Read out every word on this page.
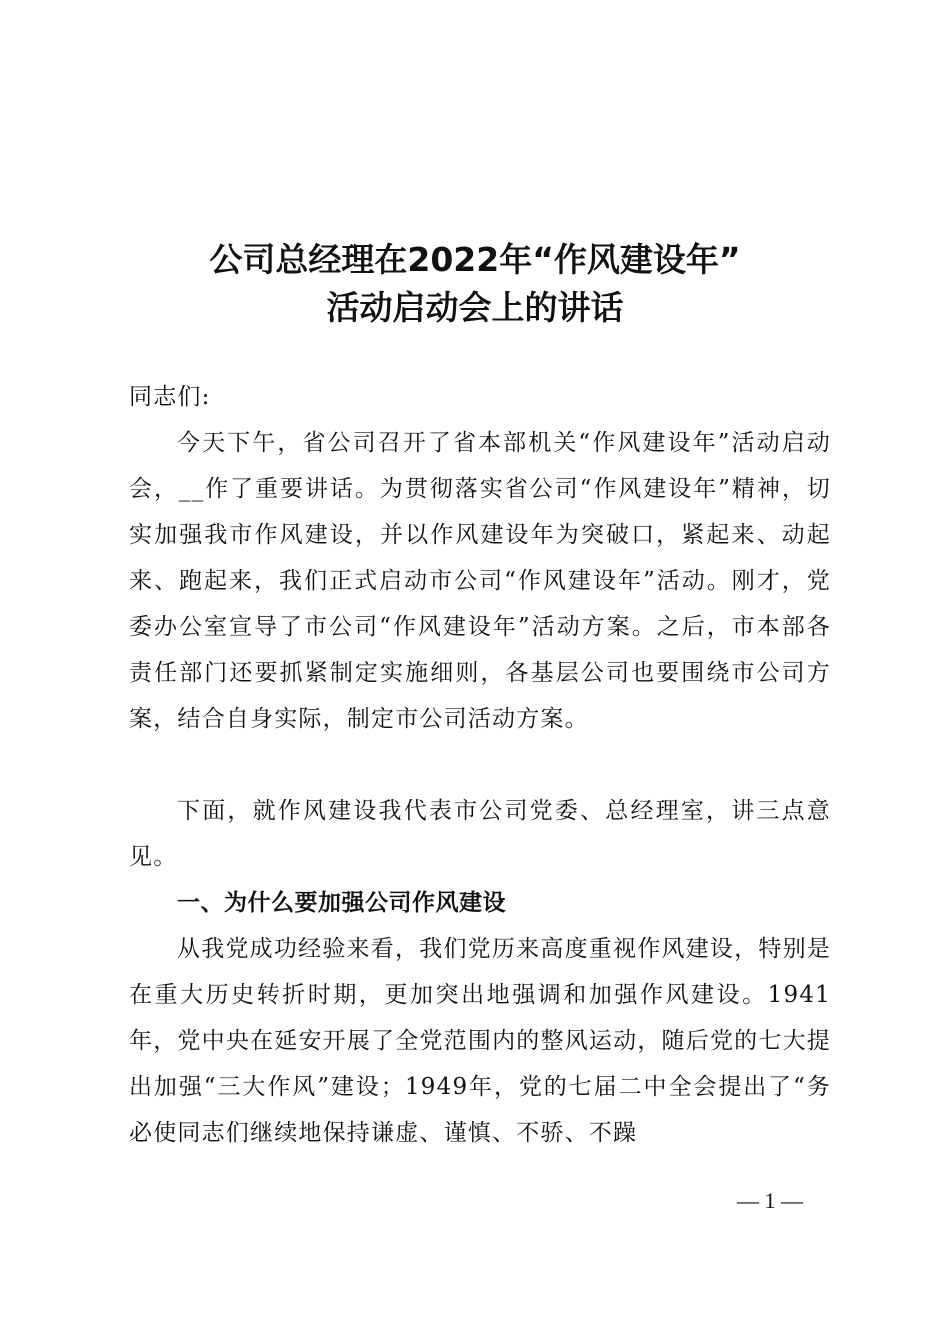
公司总经理在2022年“作风建设年”
活动启动会上的讲话
同志们:
今天下午，省公司召开了省本部机关“作风建设年”活动启动会，__作了重要讲话。为贯彻落实省公司“作风建设年”精神，切实加强我市作风建设，并以作风建设年为突破口，紧起来、动起来、跑起来，我们正式启动市公司“作风建设年”活动。刚才，党委办公室宣导了市公司“作风建设年”活动方案。之后，市本部各责任部门还要抓紧制定实施细则，各基层公司也要围绕市公司方案，结合自身实际，制定市公司活动方案。
下面，就作风建设我代表市公司党委、总经理室，讲三点意见。
一、为什么要加强公司作风建设
从我党成功经验来看，我们党历来高度重视作风建设，特别是在重大历史转折时期，更加突出地强调和加强作风建设。1941年，党中央在延安开展了全党范围内的整风运动，随后党的七大提出加强“三大作风”建设；1949年，党的七届二中全会提出了“务必使同志们继续地保持谦虚、谨慎、不骄、不躁
— 1 —
